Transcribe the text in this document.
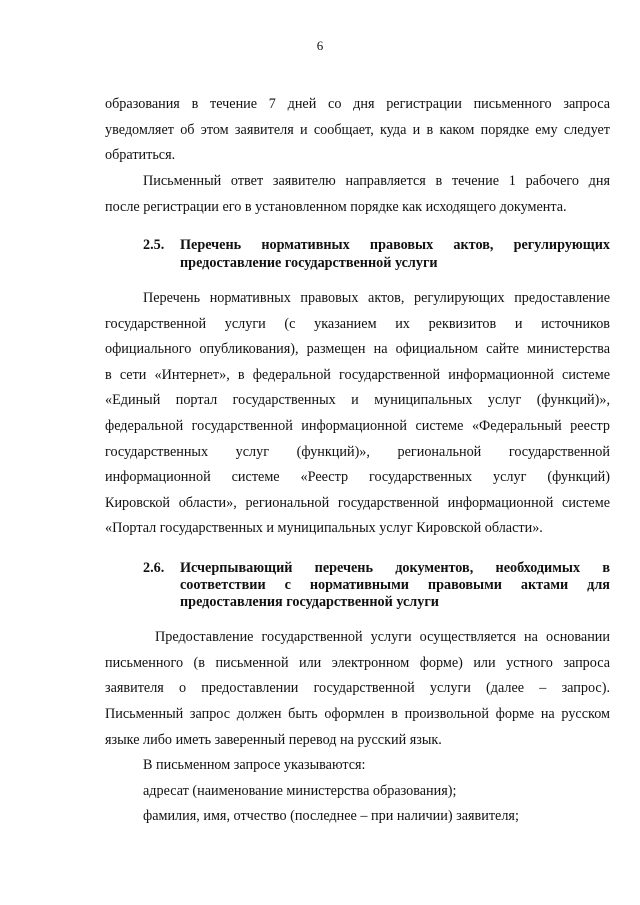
6
образования в течение 7 дней со дня регистрации письменного запроса
уведомляет об этом заявителя и сообщает, куда и в каком порядке ему следует
обратиться.
Письменный ответ заявителю направляется в течение 1 рабочего дня
после регистрации его в установленном порядке как исходящего документа.
2.5. Перечень нормативных правовых актов, регулирующих
предоставление государственной услуги
Перечень нормативных правовых актов, регулирующих предоставление
государственной услуги (с указанием их реквизитов и источников
официального опубликования), размещен на официальном сайте министерства
в сети «Интернет», в федеральной государственной информационной системе
«Единый портал государственных и муниципальных услуг (функций)»,
федеральной государственной информационной системе «Федеральный реестр
государственных услуг (функций)», региональной государственной
информационной системе «Реестр государственных услуг (функций)
Кировской области», региональной государственной информационной системе
«Портал государственных и муниципальных услуг Кировской области».
2.6. Исчерпывающий перечень документов, необходимых в
соответствии с нормативными правовыми актами для
предоставления государственной услуги
Предоставление государственной услуги осуществляется на основании
письменного (в письменной или электронном форме) или устного запроса
заявителя о предоставлении государственной услуги (далее – запрос).
Письменный запрос должен быть оформлен в произвольной форме на русском
языке либо иметь заверенный перевод на русский язык.
В письменном запросе указываются:
адресат (наименование министерства образования);
фамилия, имя, отчество (последнее – при наличии) заявителя;
